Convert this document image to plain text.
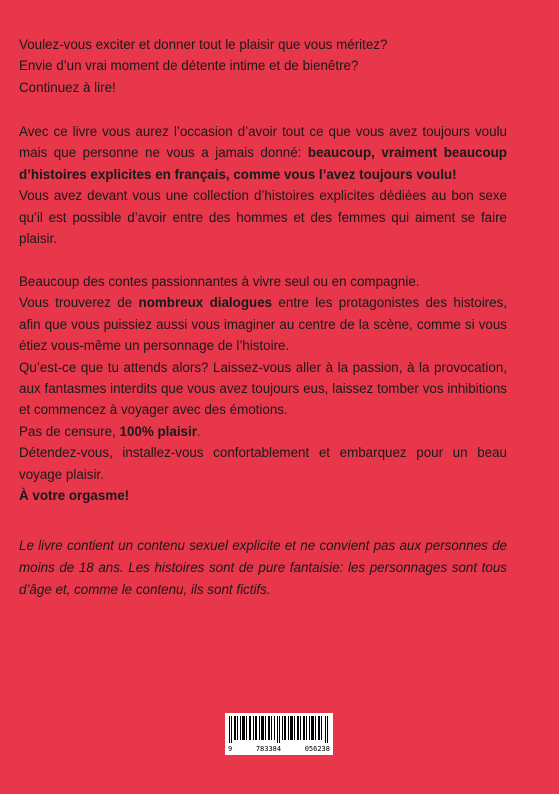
Voulez-vous exciter et donner tout le plaisir que vous méritez?

Envie d’un vrai moment de détente intime et de bienêtre?

Continuez à lire!

Avec ce livre vous aurez l’occasion d’avoir tout ce que vous avez toujours voulu mais que personne ne vous a jamais donné: beaucoup, vraiment beaucoup d’histoires explicites en français, comme vous l’avez toujours voulu!

Vous avez devant vous une collection d’histoires explicites dédiées au bon sexe qu’il est possible d’avoir entre des hommes et des femmes qui aiment se faire plaisir.

Beaucoup des contes passionnantes à vivre seul ou en compagnie.

Vous trouverez de nombreux dialogues entre les protagonistes des histoires, afin que vous puissiez aussi vous imaginer au centre de la scène, comme si vous étiez vous-même un personnage de l’histoire.

Qu’est-ce que tu attends alors? Laissez-vous aller à la passion, à la provocation, aux fantasmes interdits que vous avez toujours eus, laissez tomber vos inhibitions et commencez à voyager avec des émotions.

Pas de censure, 100% plaisir.

Détendez-vous, installez-vous confortablement et embarquez pour un beau voyage plaisir.

À votre orgasme!

Le livre contient un contenu sexuel explicite et ne convient pas aux personnes de moins de 18 ans. Les histoires sont de pure fantaisie: les personnages sont tous d’âge et, comme le contenu, ils sont fictifs.
9	783384	056238
